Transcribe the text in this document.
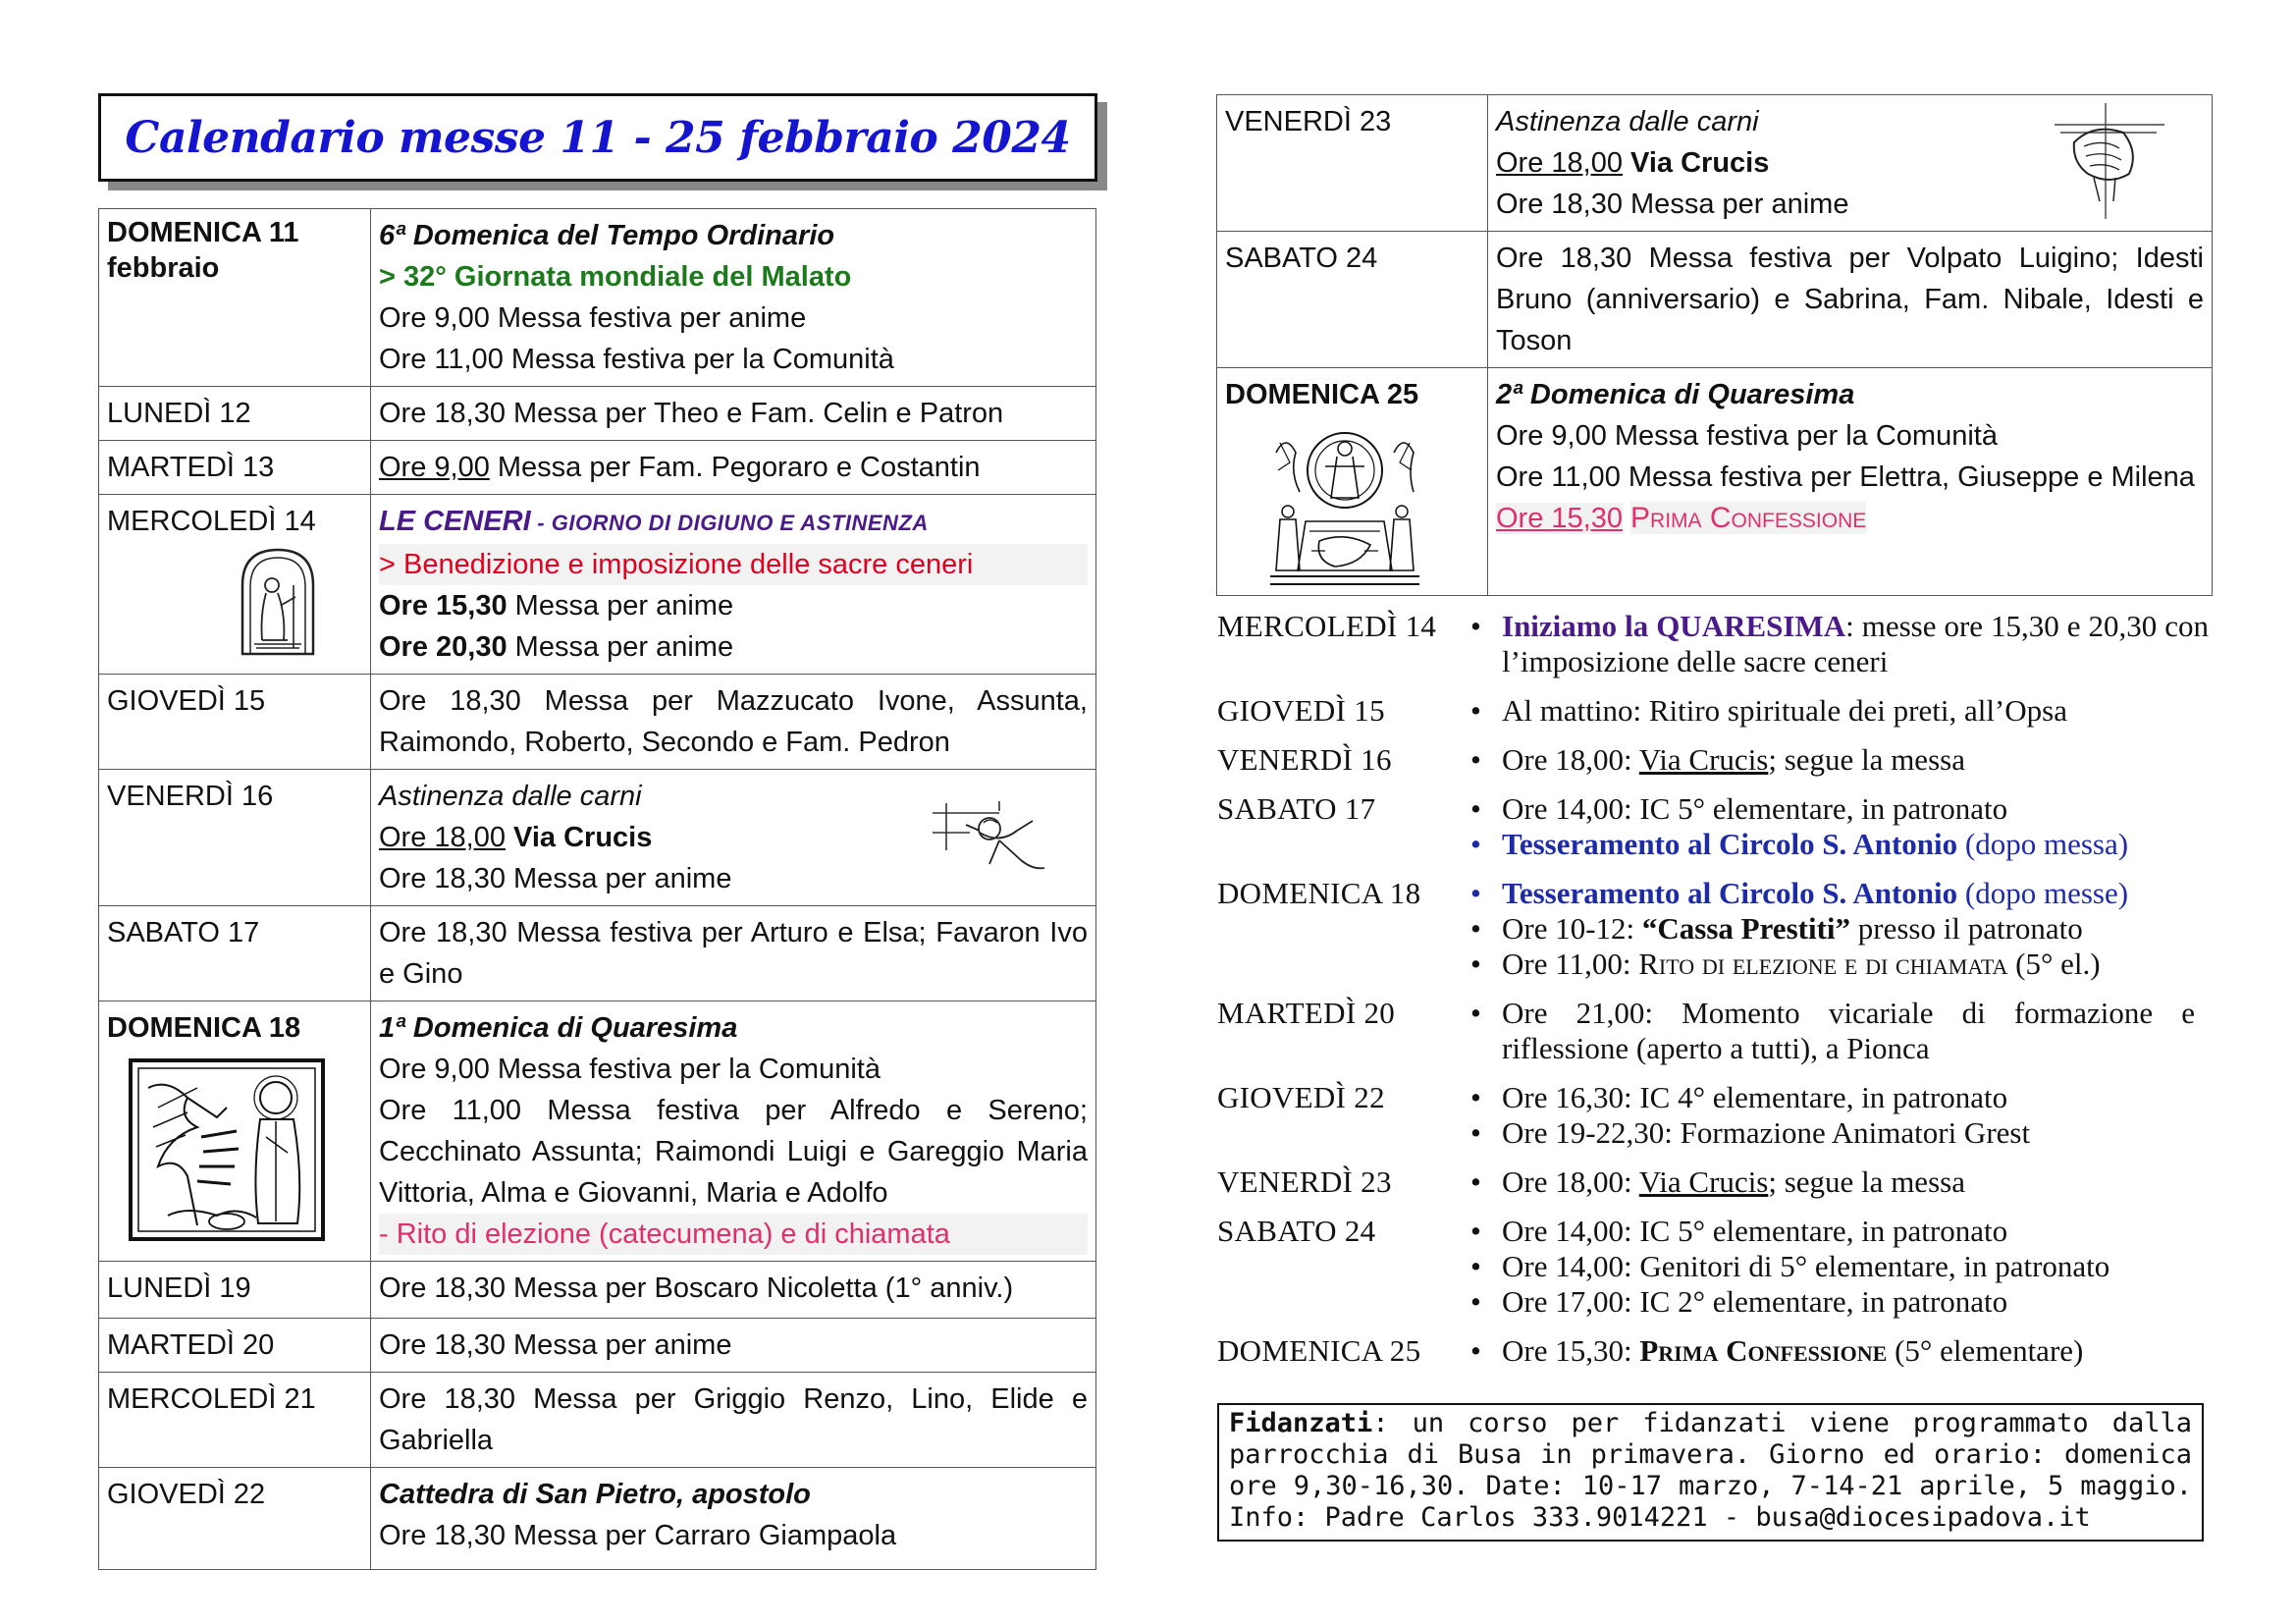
Calendario messe 11 - 25 febbraio 2024
DOMENICA 11 febbraio	6ª Domenica del Tempo Ordinario
> 32° Giornata mondiale del Malato
Ore 9,00 Messa festiva per anime
Ore 11,00 Messa festiva per la Comunità

LUNEDÌ 12	Ore 18,30 Messa per Theo e Fam. Celin e Patron
MARTEDÌ 13	Ore 9,00 Messa per Fam. Pegoraro e Costantin
MERCOLEDÌ 14	LE CENERI - GIORNO DI DIGIUNO E ASTINENZA
> Benedizione e imposizione delle sacre ceneri
Ore 15,30 Messa per anime
Ore 20,30 Messa per anime

GIOVEDÌ 15	Ore 18,30 Messa per Mazzucato Ivone, Assunta, Raimondo, Roberto, Secondo e Fam. Pedron
VENERDÌ 16	Astinenza dalle carni
Ore 18,00 Via Crucis
Ore 18,30 Messa per anime

SABATO 17	Ore 18,30 Messa festiva per Arturo e Elsa; Favaron Ivo e Gino
DOMENICA 18	1ª Domenica di Quaresima
Ore 9,00 Messa festiva per la Comunità
Ore 11,00 Messa festiva per Alfredo e Sereno; Cecchinato Assunta; Raimondi Luigi e Gareggio Maria Vittoria, Alma e Giovanni, Maria e Adolfo
- Rito di elezione (catecumena) e di chiamata

LUNEDÌ 19	Ore 18,30 Messa per Boscaro Nicoletta (1° anniv.)
MARTEDÌ 20	Ore 18,30 Messa per anime
MERCOLEDÌ 21	Ore 18,30 Messa per Griggio Renzo, Lino, Elide e Gabriella
GIOVEDÌ 22	Cattedra di San Pietro, apostolo
Ore 18,30 Messa per Carraro Giampaola
VENERDÌ 23	Astinenza dalle carni
Ore 18,00 Via Crucis
Ore 18,30 Messa per anime

SABATO 24	Ore 18,30 Messa festiva per Volpato Luigino; Idesti Bruno (anniversario) e Sabrina, Fam. Nibale, Idesti e Toson
DOMENICA 25	2ª Domenica di Quaresima
Ore 9,00 Messa festiva per la Comunità
Ore 11,00 Messa festiva per Elettra, Giuseppe e Milena
Ore 15,30 Prima Confessione
MERCOLEDÌ 14	• Iniziamo la QUARESIMA: messe ore 15,30 e 20,30 con l’imposizione delle sacre ceneri
GIOVEDÌ 15	• Al mattino: Ritiro spirituale dei preti, all’Opsa
VENERDÌ 16	• Ore 18,00: Via Crucis; segue la messa
SABATO 17	• Ore 14,00: IC 5° elementare, in patronato
• Tesseramento al Circolo S. Antonio (dopo messa)
DOMENICA 18	• Tesseramento al Circolo S. Antonio (dopo messe)
• Ore 10-12: “Cassa Prestiti” presso il patronato
• Ore 11,00: Rito di elezione e di chiamata (5° el.)
MARTEDÌ 20	• Ore 21,00: Momento vicariale di formazione e riflessione (aperto a tutti), a Pionca
GIOVEDÌ 22	• Ore 16,30: IC 4° elementare, in patronato
• Ore 19-22,30: Formazione Animatori Grest
VENERDÌ 23	• Ore 18,00: Via Crucis; segue la messa
SABATO 24	• Ore 14,00: IC 5° elementare, in patronato
• Ore 14,00: Genitori di 5° elementare, in patronato
• Ore 17,00: IC 2° elementare, in patronato
DOMENICA 25	• Ore 15,30: Prima Confessione (5° elementare)
Fidanzati: un corso per fidanzati viene programmato dalla parrocchia di Busa in primavera. Giorno ed orario: domenica ore 9,30-16,30. Date: 10-17 marzo, 7-14-21 aprile, 5 maggio. Info: Padre Carlos 333.9014221 - busa@diocesipadova.it
